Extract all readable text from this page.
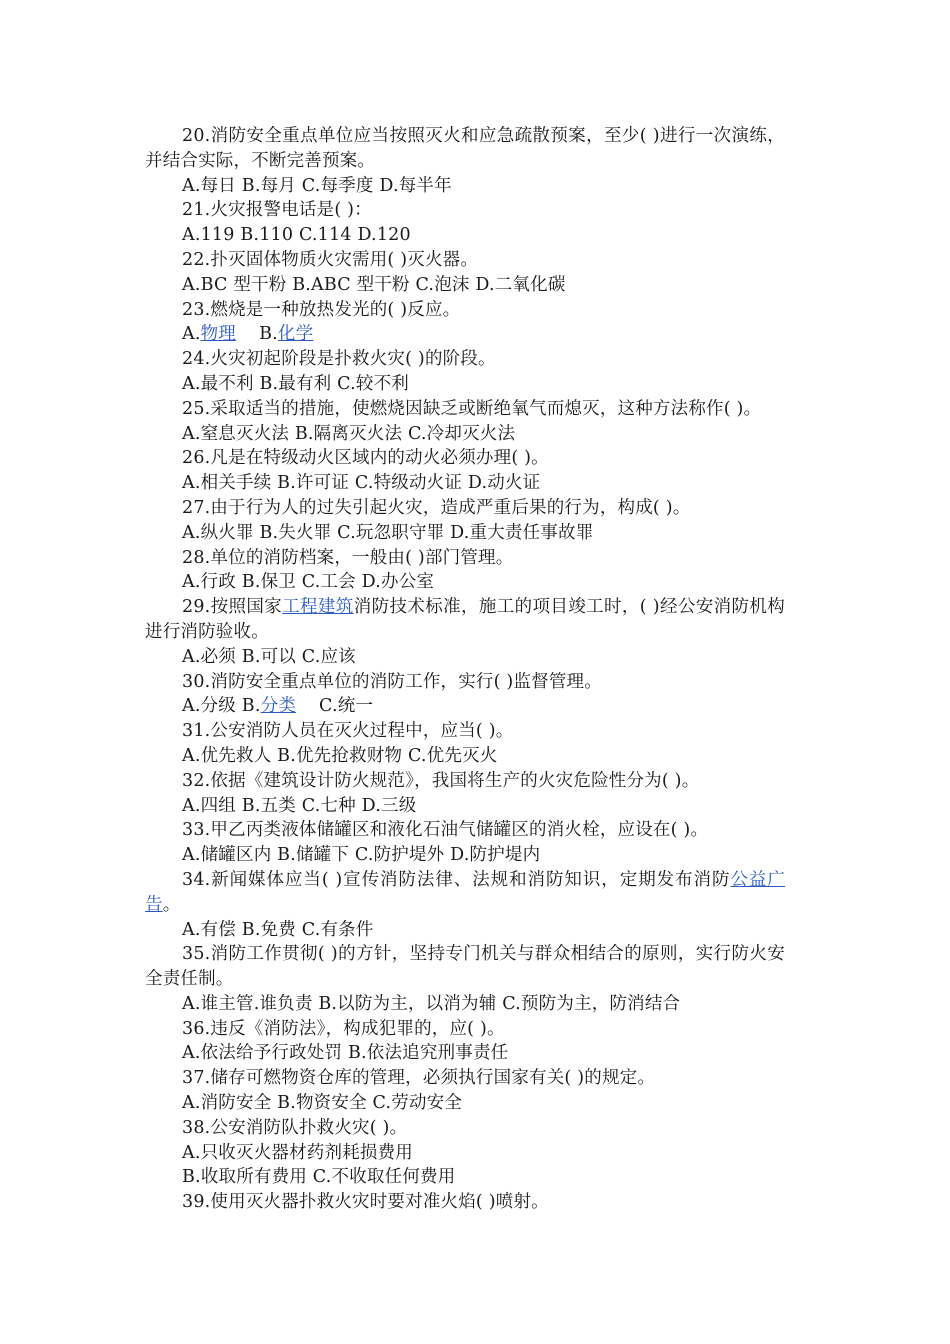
20.消防安全重点单位应当按照灭火和应急疏散预案，至少( )进行一次演练，并结合实际，不断完善预案。

A.每日 B.每月 C.每季度 D.每半年

21.火灾报警电话是( )：

A.119 B.110 C.114 D.120

22.扑灭固体物质火灾需用( )灭火器。

A.BC 型干粉 B.ABC 型干粉 C.泡沫 D.二氧化碳

23.燃烧是一种放热发光的( )反应。

A.物理    B.化学

24.火灾初起阶段是扑救火灾( )的阶段。

A.最不利 B.最有利 C.较不利

25.采取适当的措施，使燃烧因缺乏或断绝氧气而熄灭，这种方法称作( )。

A.窒息灭火法 B.隔离灭火法 C.冷却灭火法

26.凡是在特级动火区域内的动火必须办理( )。

A.相关手续 B.许可证 C.特级动火证 D.动火证

27.由于行为人的过失引起火灾，造成严重后果的行为，构成( )。

A.纵火罪 B.失火罪 C.玩忽职守罪 D.重大责任事故罪

28.单位的消防档案，一般由( )部门管理。

A.行政 B.保卫 C.工会 D.办公室

29.按照国家工程建筑消防技术标准，施工的项目竣工时，( )经公安消防机构进行消防验收。

A.必须 B.可以 C.应该

30.消防安全重点单位的消防工作，实行( )监督管理。

A.分级 B.分类    C.统一

31.公安消防人员在灭火过程中，应当( )。

A.优先救人 B.优先抢救财物 C.优先灭火

32.依据《建筑设计防火规范》，我国将生产的火灾危险性分为( )。

A.四组 B.五类 C.七种 D.三级

33.甲乙丙类液体储罐区和液化石油气储罐区的消火栓，应设在( )。

A.储罐区内 B.储罐下 C.防护堤外 D.防护堤内

34.新闻媒体应当( )宣传消防法律、法规和消防知识，定期发布消防公益广告。

A.有偿 B.免费 C.有条件

35.消防工作贯彻( )的方针，坚持专门机关与群众相结合的原则，实行防火安全责任制。

A.谁主管.谁负责 B.以防为主，以消为辅 C.预防为主，防消结合

36.违反《消防法》，构成犯罪的，应( )。

A.依法给予行政处罚 B.依法追究刑事责任

37.储存可燃物资仓库的管理，必须执行国家有关( )的规定。

A.消防安全 B.物资安全 C.劳动安全

38.公安消防队扑救火灾( )。

A.只收灭火器材药剂耗损费用

B.收取所有费用 C.不收取任何费用

39.使用灭火器扑救火灾时要对准火焰( )喷射。
